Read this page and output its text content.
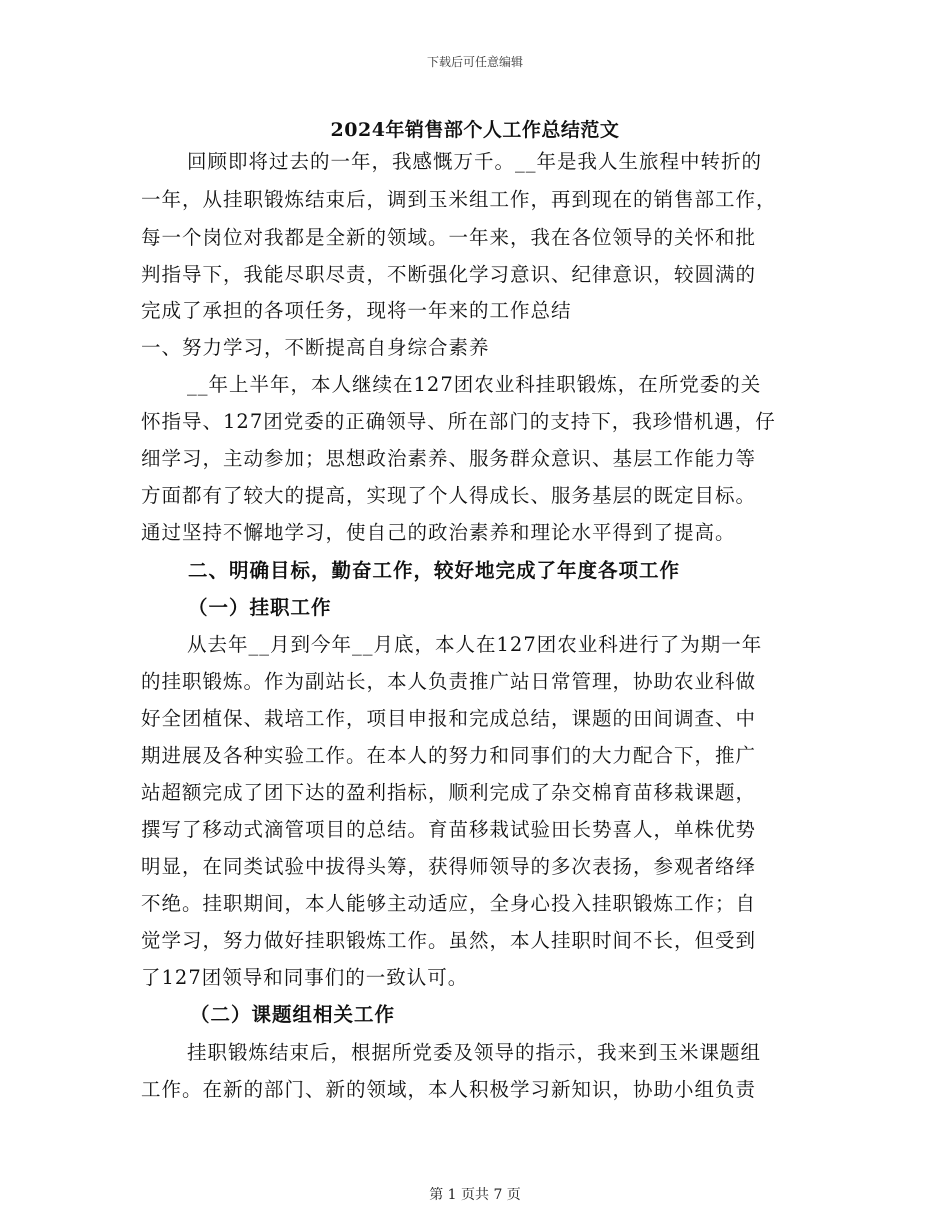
下载后可任意编辑
2024年销售部个人工作总结范文
回顾即将过去的一年，我感慨万千。__年是我人生旅程中转折的
一年，从挂职锻炼结束后，调到玉米组工作，再到现在的销售部工作，
每一个岗位对我都是全新的领域。一年来，我在各位领导的关怀和批
判指导下，我能尽职尽责，不断强化学习意识、纪律意识，较圆满的
完成了承担的各项任务，现将一年来的工作总结
一、努力学习，不断提高自身综合素养
__年上半年，本人继续在127团农业科挂职锻炼，在所党委的关
怀指导、127团党委的正确领导、所在部门的支持下，我珍惜机遇，仔
细学习，主动参加；思想政治素养、服务群众意识、基层工作能力等
方面都有了较大的提高，实现了个人得成长、服务基层的既定目标。
通过坚持不懈地学习，使自己的政治素养和理论水平得到了提高。
二、明确目标，勤奋工作，较好地完成了年度各项工作
（一）挂职工作
从去年__月到今年__月底，本人在127团农业科进行了为期一年
的挂职锻炼。作为副站长，本人负责推广站日常管理，协助农业科做
好全团植保、栽培工作，项目申报和完成总结，课题的田间调查、中
期进展及各种实验工作。在本人的努力和同事们的大力配合下，推广
站超额完成了团下达的盈利指标，顺利完成了杂交棉育苗移栽课题，
撰写了移动式滴管项目的总结。育苗移栽试验田长势喜人，单株优势
明显，在同类试验中拔得头筹，获得师领导的多次表扬，参观者络绎
不绝。挂职期间，本人能够主动适应，全身心投入挂职锻炼工作；自
觉学习，努力做好挂职锻炼工作。虽然，本人挂职时间不长，但受到
了127团领导和同事们的一致认可。
（二）课题组相关工作
挂职锻炼结束后，根据所党委及领导的指示，我来到玉米课题组
工作。在新的部门、新的领域，本人积极学习新知识，协助小组负责
第 1 页共 7 页
